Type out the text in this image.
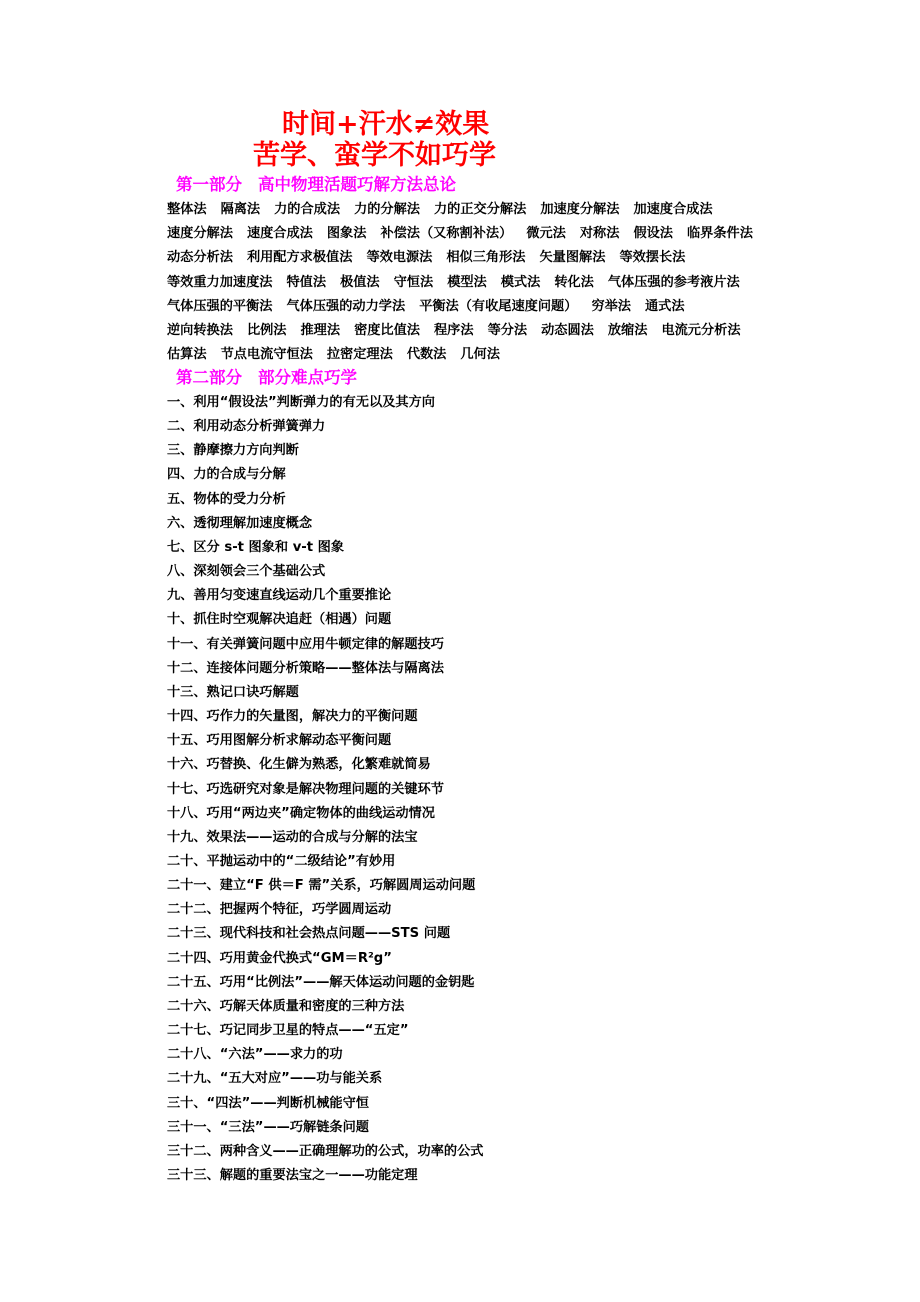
时间+汗水≠效果
苦学、蛮学不如巧学
第一部分 高中物理活题巧解方法总论
整体法 隔离法 力的合成法 力的分解法 力的正交分解法 加速度分解法 加速度合成法
速度分解法 速度合成法 图象法 补偿法（又称割补法） 微元法 对称法 假设法 临界条件法
动态分析法 利用配方求极值法 等效电源法 相似三角形法 矢量图解法 等效摆长法
等效重力加速度法 特值法 极值法 守恒法 模型法 模式法 转化法 气体压强的参考液片法
气体压强的平衡法 气体压强的动力学法 平衡法（有收尾速度问题） 穷举法 通式法
逆向转换法 比例法 推理法 密度比值法 程序法 等分法 动态圆法 放缩法 电流元分析法
估算法 节点电流守恒法 拉密定理法 代数法 几何法
第二部分 部分难点巧学
一、利用“假设法”判断弹力的有无以及其方向
二、利用动态分析弹簧弹力
三、静摩擦力方向判断
四、力的合成与分解
五、物体的受力分析
六、透彻理解加速度概念
七、区分 s-t 图象和 v-t 图象
八、深刻领会三个基础公式
九、善用匀变速直线运动几个重要推论
十、抓住时空观解决追赶（相遇）问题
十一、有关弹簧问题中应用牛顿定律的解题技巧
十二、连接体问题分析策略——整体法与隔离法
十三、熟记口诀巧解题
十四、巧作力的矢量图，解决力的平衡问题
十五、巧用图解分析求解动态平衡问题
十六、巧替换、化生僻为熟悉，化繁难就简易
十七、巧选研究对象是解决物理问题的关键环节
十八、巧用“两边夹”确定物体的曲线运动情况
十九、效果法——运动的合成与分解的法宝
二十、平抛运动中的“二级结论”有妙用
二十一、建立“F 供＝F 需”关系，巧解圆周运动问题
二十二、把握两个特征，巧学圆周运动
二十三、现代科技和社会热点问题——STS 问题
二十四、巧用黄金代换式“GM＝R²g”
二十五、巧用“比例法”——解天体运动问题的金钥匙
二十六、巧解天体质量和密度的三种方法
二十七、巧记同步卫星的特点——“五定”
二十八、“六法”——求力的功
二十九、“五大对应”——功与能关系
三十、“四法”——判断机械能守恒
三十一、“三法”——巧解链条问题
三十二、两种含义——正确理解功的公式，功率的公式
三十三、解题的重要法宝之一——功能定理
